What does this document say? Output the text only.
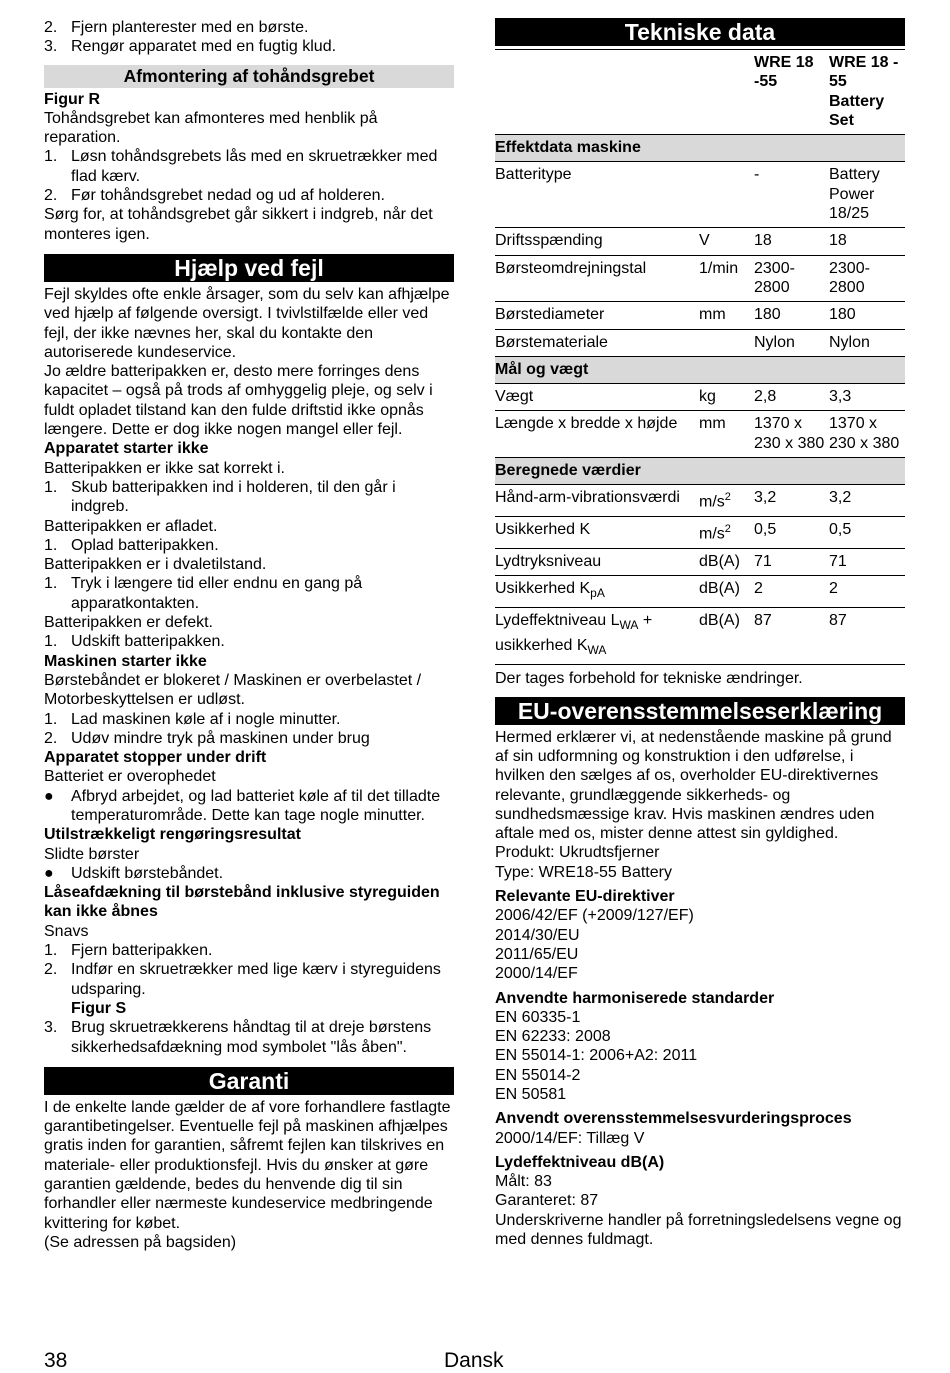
2. Fjern planterester med en børste.
3. Rengør apparatet med en fugtig klud.
Afmontering af tohåndsgrebet

Figur R

Tohåndsgrebet kan afmonteres med henblik på reparation.

1. Løsn tohåndsgrebets lås med en skruetrækker med flad kærv.
2. Før tohåndsgrebet nedad og ud af holderen.

Sørg for, at tohåndsgrebet går sikkert i indgreb, når det monteres igen.

Hjælp ved fejl

Fejl skyldes ofte enkle årsager, som du selv kan afhjælpe ved hjælp af følgende oversigt. I tvivlstilfælde eller ved fejl, der ikke nævnes her, skal du kontakte den autoriserede kundeservice.

Jo ældre batteripakken er, desto mere forringes dens kapacitet – også på trods af omhyggelig pleje, og selv i fuldt opladet tilstand kan den fulde driftstid ikke opnås længere. Dette er dog ikke nogen mangel eller fejl.

Apparatet starter ikke

Batteripakken er ikke sat korrekt i.

1. Skub batteripakken ind i holderen, til den går i indgreb.

Batteripakken er afladet.

1. Oplad batteripakken.

Batteripakken er i dvaletilstand.

1. Tryk i længere tid eller endnu en gang på apparatkontakten.

Batteripakken er defekt.

1. Udskift batteripakken.

Maskinen starter ikke

Børstebåndet er blokeret / Maskinen er overbelastet / Motorbeskyttelsen er udløst.

1. Lad maskinen køle af i nogle minutter.
2. Udøv mindre tryk på maskinen under brug

Apparatet stopper under drift

Batteriet er overophedet

●	Afbryd arbejdet, og lad batteriet køle af til det tilladte temperaturområde. Dette kan tage nogle minutter.

Utilstrækkeligt rengøringsresultat

Slidte børster

●	Udskift børstebåndet.

Låseafdækning til børstebånd inklusive styreguiden kan ikke åbnes

Snavs

1. Fjern batteripakken.
2. Indfør en skruetrækker med lige kærv i styreguidens udsparing.

Figur S

3. Brug skruetrækkerens håndtag til at dreje børstens sikkerhedsafdækning mod symbolet "lås åben".
Garanti

I de enkelte lande gælder de af vore forhandlere fastlagte garantibetingelser. Eventuelle fejl på maskinen afhjælpes gratis inden for garantien, såfremt fejlen kan tilskrives en materiale- eller produktionsfejl. Hvis du ønsker at gøre garantien gældende, bedes du henvende dig til sin forhandler eller nærmeste kundeservice medbringende kvittering for købet.

(Se adressen på bagsiden)

Tekniske data
		WRE 18 -55	WRE 18 - 55 Battery Set
Effektdata maskine			
Batteritype		-	Battery Power 18/25
Driftsspænding	V	18	18
Børsteomdrejningstal	1/min	2300-2800	2300-2800
Børstediameter	mm	180	180
Børstemateriale		Nylon	Nylon
Mål og vægt			
Vægt	kg	2,8	3,3
Længde x bredde x højde	mm	1370 x 230 x 380	1370 x 230 x 380
Beregnede værdier			
Hånd-arm-vibrationsværdi	$m/s^2$	3,2	3,2
Usikkerhed K	$m/s^2$	0,5	0,5
Lydtryksniveau	dB(A)	71	71
Usikkerhed $K_{pA}$	dB(A)	2	2
Lydeffektniveau $L_{WA}$ + usikkerhed $K_{WA}$	dB(A)	87	87

Der tages forbehold for tekniske ændringer.

EU-overensstemmelseserklæring

Hermed erklærer vi, at nedenstående maskine på grund af sin udformning og konstruktion i den udførelse, i hvilken den sælges af os, overholder EU-direktivernes relevante, grundlæggende sikkerheds- og sundhedsmæssige krav. Hvis maskinen ændres uden aftale med os, mister denne attest sin gyldighed.

Produkt: Ukrudtsfjerner

Type: WRE18-55 Battery

Relevante EU-direktiver

2006/42/EF (+2009/127/EF)

2014/30/EU

2011/65/EU

2000/14/EF

Anvendte harmoniserede standarder

EN 60335-1

EN 62233: 2008

EN 55014-1: 2006+A2: 2011

EN 55014-2

EN 50581

Anvendt overensstemmelsesvurderingsproces

2000/14/EF: Tillæg V

Lydeffektniveau dB(A)

Målt: 83

Garanteret: 87

Underskriverne handler på forretningsledelsens vegne og med dennes fuldmagt.

38	Dansk
